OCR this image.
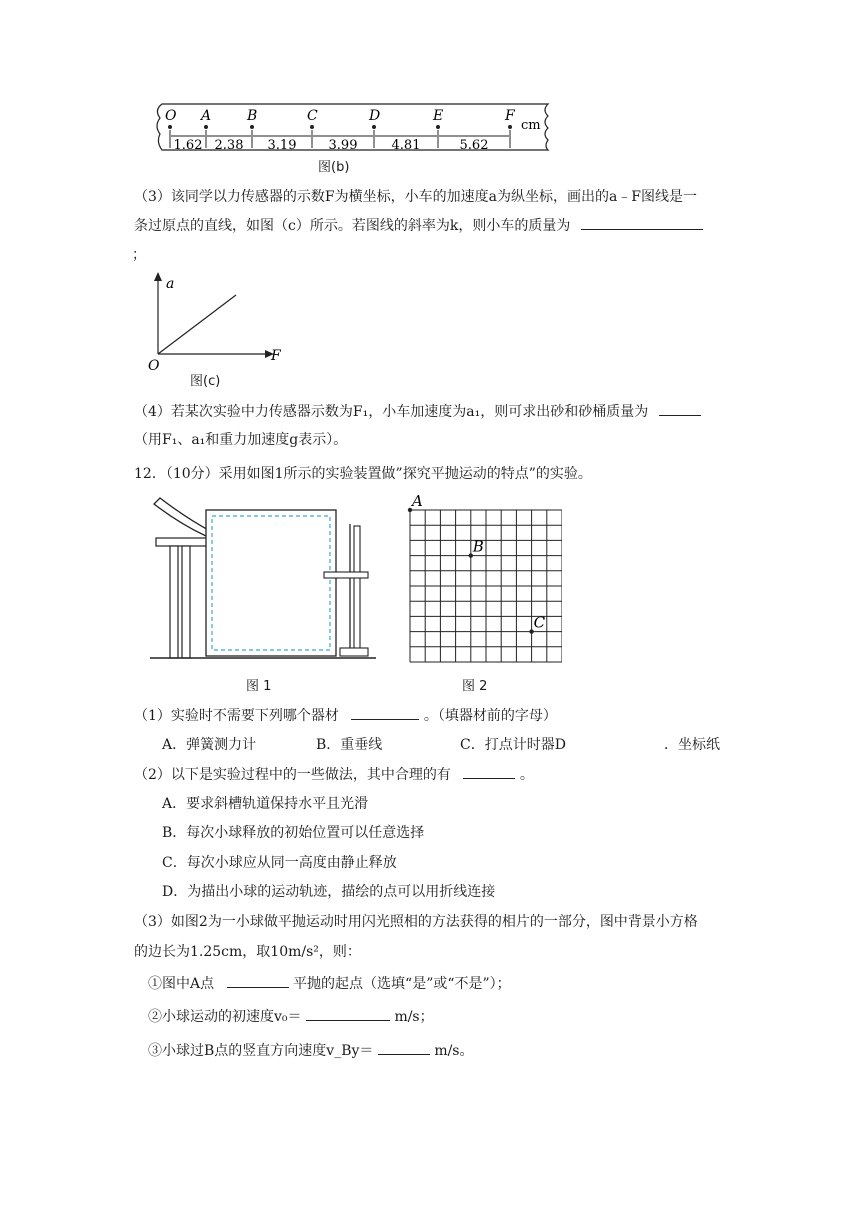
O A	B	C	D	E	F
1.62 2.38 3.19 3.99	4.81	5.62
cm
图(b)
（3）该同学以力传感器的示数F为横坐标，小车的加速度a为纵坐标，画出的a﹣F图线是一
条过原点的直线，如图（c）所示。若图线的斜率为k，则小车的质量为
；
a
F
O
图(c)
（4）若某次实验中力传感器示数为F₁，小车加速度为a₁，则可求出砂和砂桶质量为
（用F₁、a₁和重力加速度g表示）。
12．（10分）采用如图1所示的实验装置做”探究平抛运动的特点”的实验。
图 1
A
B
C
图 2
（1）实验时不需要下列哪个器材	。（填器材前的字母）
A．弹簧测力计	B．重垂线	C．打点计时器D	．坐标纸
（2）以下是实验过程中的一些做法，其中合理的有	。
A．要求斜槽轨道保持水平且光滑
B．每次小球释放的初始位置可以任意选择
C．每次小球应从同一高度由静止释放
D．为描出小球的运动轨迹，描绘的点可以用折线连接
（3）如图2为一小球做平抛运动时用闪光照相的方法获得的相片的一部分，图中背景小方格
的边长为1.25cm，取10m/s²，则：
①图中A点	平抛的起点（选填“是”或“不是”）；
②小球运动的初速度v₀＝	m/s；
③小球过B点的竖直方向速度v_By＝	m/s。
